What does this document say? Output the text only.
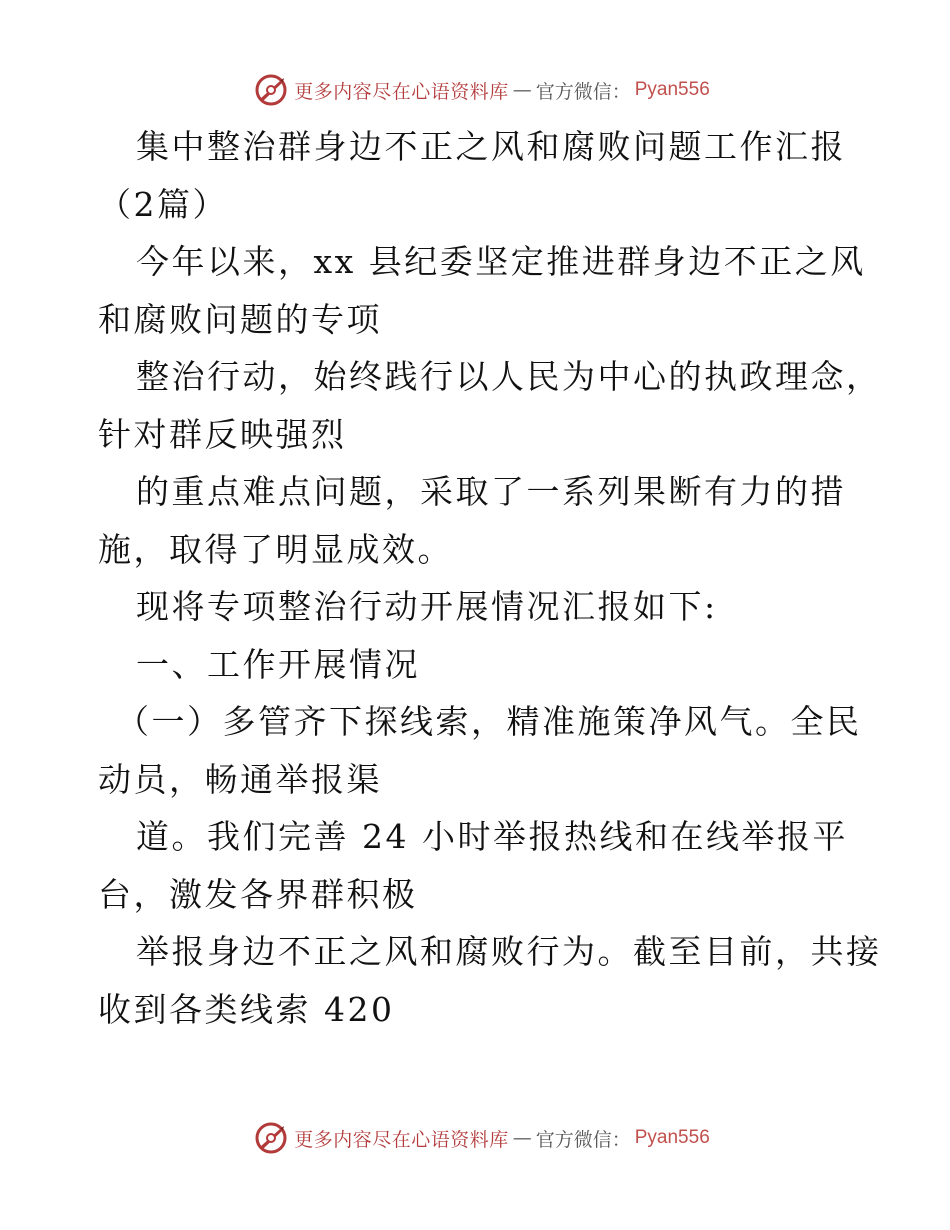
更多内容尽在心语资料库 — 官方微信： Pyan556
集中整治群身边不正之风和腐败问题工作汇报
（2篇）
今年以来，xx 县纪委坚定推进群身边不正之风
和腐败问题的专项
整治行动，始终践行以人民为中心的执政理念，
针对群反映强烈
的重点难点问题，采取了一系列果断有力的措
施，取得了明显成效。
现将专项整治行动开展情况汇报如下:
一、工作开展情况
（一）多管齐下探线索，精准施策净风气。全民
动员，畅通举报渠
道。我们完善 24 小时举报热线和在线举报平
台，激发各界群积极
举报身边不正之风和腐败行为。截至目前，共接
收到各类线索 420
更多内容尽在心语资料库 — 官方微信： Pyan556
